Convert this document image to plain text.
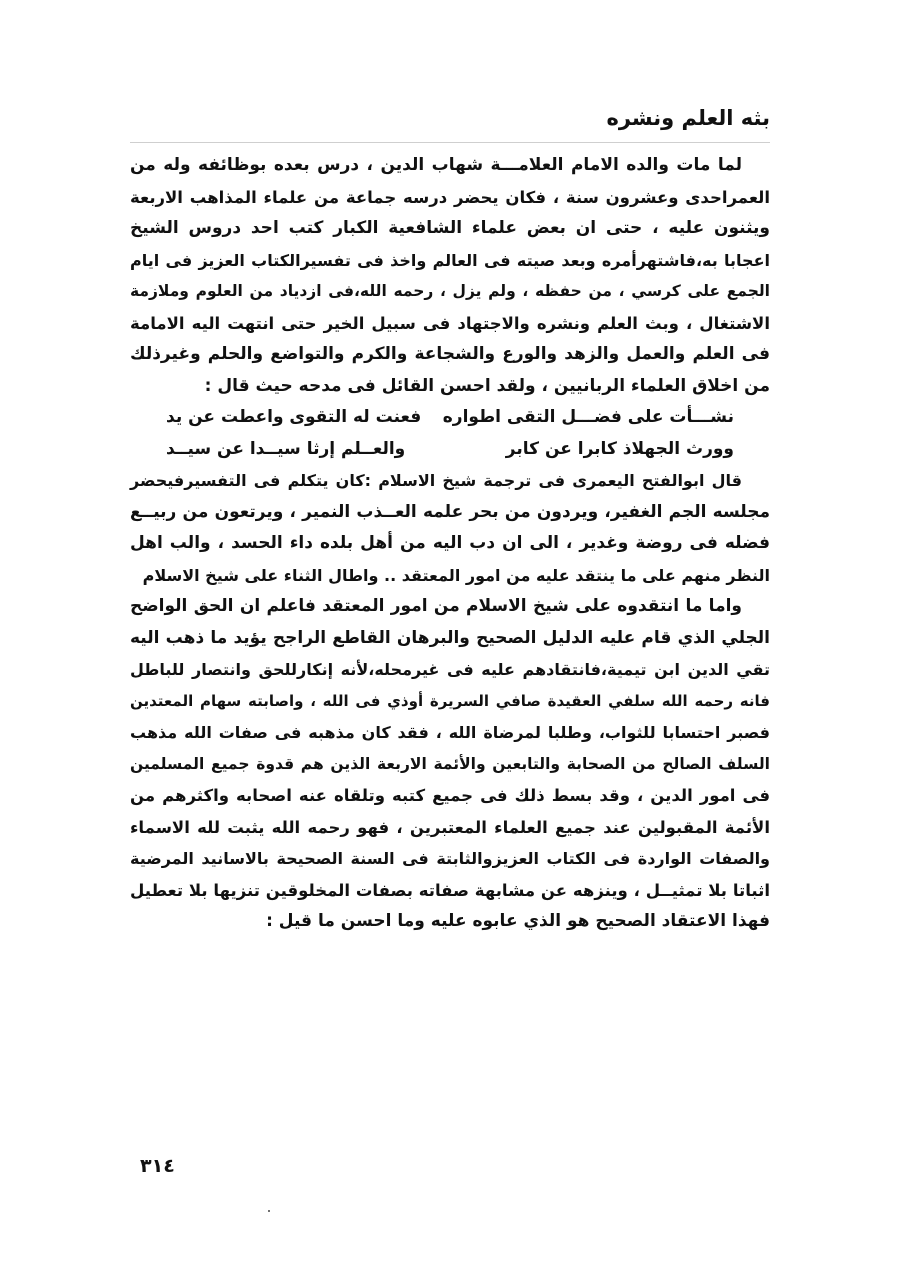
بثه العلم ونشره
لما مات والده الامام العلامـــة شهاب الدين ، درس بعده بوظائفه وله من
العمراحدى وعشرون سنة ، فكان يحضر درسه جماعة من علماء المذاهب الاربعة
ويثنون عليه ، حتى ان بعض علماء الشافعية الكبار كتب احد دروس الشيخ
اعجابا به،فاشتهرأمره وبعد صيته فى العالم واخذ فى تفسيرالكتاب العزيز فى ايام
الجمع على كرسي ، من حفظه ، ولم يزل ، رحمه الله،فى ازدياد من العلوم وملازمة
الاشتغال ، وبث العلم ونشره والاجتهاد فى سبيل الخير حتى انتهت اليه الامامة
فى العلم والعمل والزهد والورع والشجاعة والكرم والتواضع والحلم وغيرذلك
من اخلاق العلماء الربانيين ، ولقد احسن القائل فى مدحه حيث قال :
نشـــأت على فضـــل التقى اطواره
فعنت له التقوى واعطت عن يد
وورث الجهلاذ كابرا عن كابر
والعــلم إرثا سيــدا عن سيــد
قال ابوالفتح اليعمرى فى ترجمة شيخ الاسلام :كان يتكلم فى التفسيرفيحضر
مجلسه الجم الغفير، ويردون من بحر علمه العــذب النمير ، ويرتعون من ربيــع
فضله فى روضة وغدير ، الى ان دب اليه من أهل بلده داء الحسد ، والب اهل
النظر منهم على ما ينتقد عليه من امور المعتقد .. واطال الثناء على شيخ الاسلام
واما ما انتقدوه على شيخ الاسلام من امور المعتقد فاعلم ان الحق الواضح
الجلي الذي قام عليه الدليل الصحيح والبرهان القاطع الراجح يؤيد ما ذهب اليه
تقي الدين ابن تيمية،فانتقادهم عليه فى غيرمحله،لأنه إنكارللحق وانتصار للباطل
فانه رحمه الله سلفي العقيدة صافي السريرة أوذي فى الله ، واصابته سهام المعتدين
فصبر احتسابا للثواب، وطلبا لمرضاة الله ، فقد كان مذهبه فى صفات الله مذهب
السلف الصالح من الصحابة والتابعين والأئمة الاربعة الذين هم قدوة جميع المسلمين
فى امور الدين ، وقد بسط ذلك فى جميع كتبه وتلقاه عنه اصحابه واكثرهم من
الأئمة المقبولين عند جميع العلماء المعتبرين ، فهو رحمه الله يثبت لله الاسماء
والصفات الواردة فى الكتاب العزيزوالثابتة فى السنة الصحيحة بالاسانيد المرضية
اثباتا بلا تمثيــل ، وينزهه عن مشابهة صفاته بصفات المخلوقين تنزيها بلا تعطيل
فهذا الاعتقاد الصحيح هو الذي عابوه عليه وما احسن ما قيل :
٣١٤
